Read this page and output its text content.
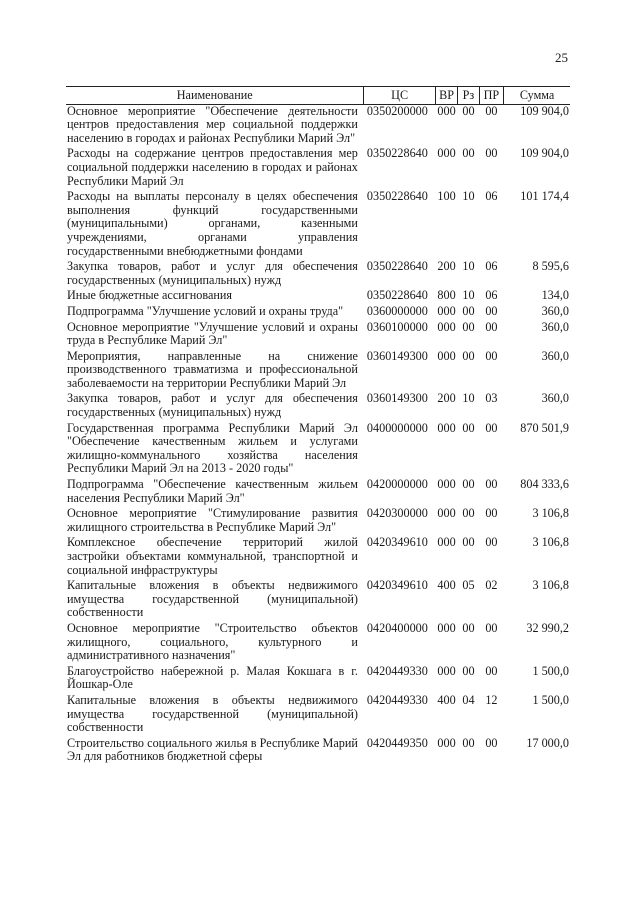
25
Наименование	ЦС	ВР	Рз	ПР	Сумма
Основное мероприятие "Обеспечение деятельности центров предоставления мер социальной поддержки населению в городах и районах Республики Марий Эл"	0350200000	000	00	00	109 904,0
Расходы на содержание центров предоставления мер социальной поддержки населению в городах и районах Республики Марий Эл	0350228640	000	00	00	109 904,0
Расходы на выплаты персоналу в целях обеспечения выполнения функций государственными (муниципальными) органами, казенными учреждениями, органами управления государственными внебюджетными фондами	0350228640	100	10	06	101 174,4
Закупка товаров, работ и услуг для обеспечения государственных (муниципальных) нужд	0350228640	200	10	06	8 595,6
Иные бюджетные ассигнования	0350228640	800	10	06	134,0
Подпрограмма "Улучшение условий и охраны труда"	0360000000	000	00	00	360,0
Основное мероприятие "Улучшение условий и охраны труда в Республике Марий Эл"	0360100000	000	00	00	360,0
Мероприятия, направленные на снижение производственного травматизма и профессиональной заболеваемости на территории Республики Марий Эл	0360149300	000	00	00	360,0
Закупка товаров, работ и услуг для обеспечения государственных (муниципальных) нужд	0360149300	200	10	03	360,0
Государственная программа Республики Марий Эл "Обеспечение качественным жильем и услугами жилищно-коммунального хозяйства населения Республики Марий Эл на 2013 - 2020 годы"	0400000000	000	00	00	870 501,9
Подпрограмма "Обеспечение качественным жильем населения Республики Марий Эл"	0420000000	000	00	00	804 333,6
Основное мероприятие "Стимулирование развития жилищного строительства в Республике Марий Эл"	0420300000	000	00	00	3 106,8
Комплексное обеспечение территорий жилой застройки объектами коммунальной, транспортной и социальной инфраструктуры	0420349610	000	00	00	3 106,8
Капитальные вложения в объекты недвижимого имущества государственной (муниципальной) собственности	0420349610	400	05	02	3 106,8
Основное мероприятие "Строительство объектов жилищного, социального, культурного и административного назначения"	0420400000	000	00	00	32 990,2
Благоустройство набережной р. Малая Кокшага в г. Йошкар-Оле	0420449330	000	00	00	1 500,0
Капитальные вложения в объекты недвижимого имущества государственной (муниципальной) собственности	0420449330	400	04	12	1 500,0
Строительство социального жилья в Республике Марий Эл для работников бюджетной сферы	0420449350	000	00	00	17 000,0
